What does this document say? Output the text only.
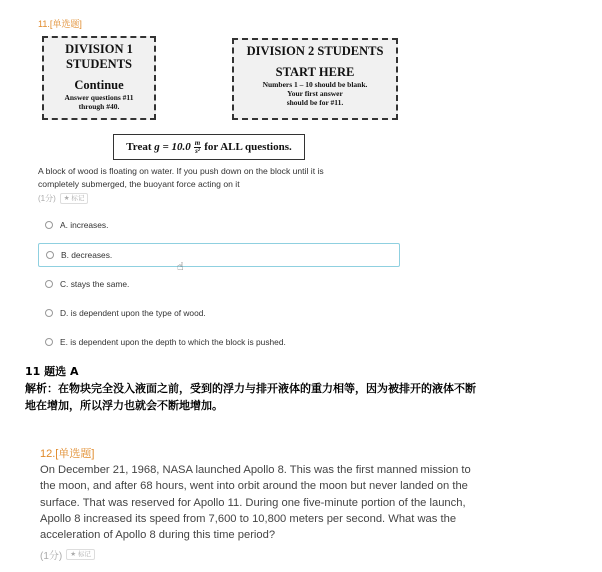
11.[单选题]
DIVISION 1
STUDENTS
Continue
Answer questions #11
through #40.
DIVISION 2 STUDENTS
START HERE
Numbers 1 – 10 should be blank.
Your first answer
should be for #11.
Treat
$g = 10.0 \frac{m}{\text{s²}}$ for ALL questions.
A block of wood is floating on water. If you push down on the block until it is
completely submerged, the buoyant force acting on it
(1分)	★ 标记
A. increases.
B. decreases.
C. stays the same.
D. is dependent upon the type of wood.
E. is dependent upon the depth to which the block is pushed.
☝
11 题选 A
解析：在物块完全没入液面之前，受到的浮力与排开液体的重力相等，因为被排开的液体不断
地在增加，所以浮力也就会不断地增加。
12.[单选题]
On December 21, 1968, NASA launched Apollo 8. This was the first manned mission to the moon, and after 68 hours, went into orbit around the moon but never landed on the surface. That was reserved for Apollo 11. During one five-minute portion of the launch, Apollo 8 increased its speed from 7,600 to 10,800 meters per second. What was the acceleration of Apollo 8 during this time period?
(1分)	★ 标记
